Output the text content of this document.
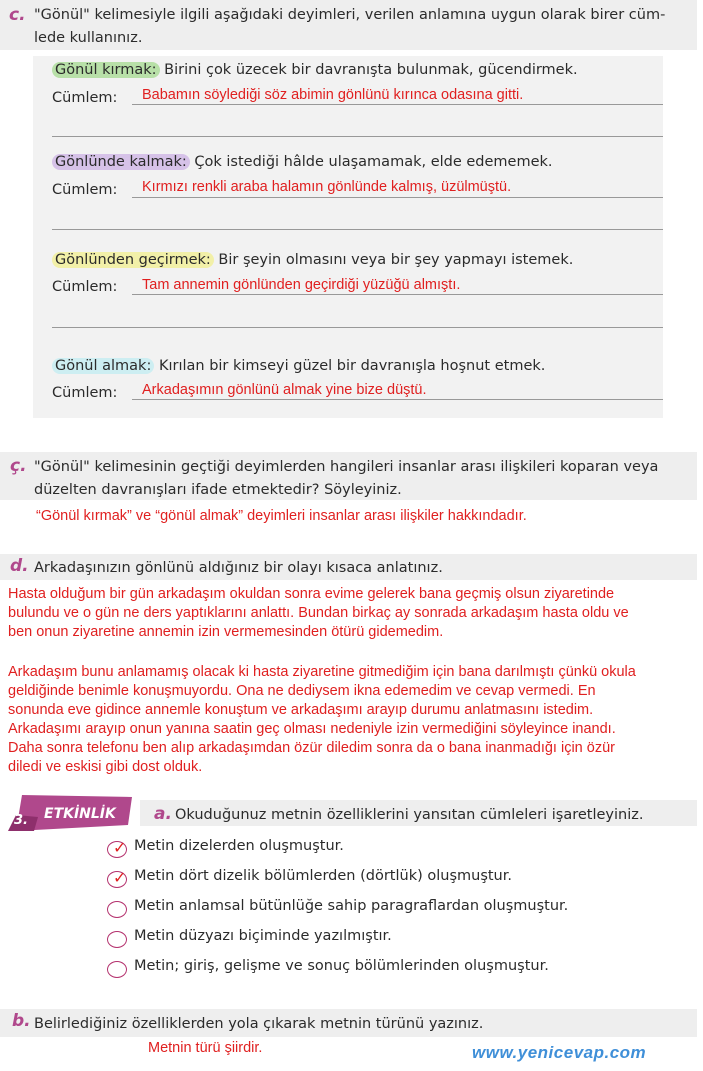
c. "Gönül" kelimesiyle ilgili aşağıdaki deyimleri, verilen anlamına uygun olarak birer cüm-
lede kullanınız.
Gönül kırmak: Birini çok üzecek bir davranışta bulunmak, gücendirmek.
Cümlem: Babamın söylediği söz abimin gönlünü kırınca odasına gitti.
Gönlünde kalmak: Çok istediği hâlde ulaşamamak, elde edememek.
Cümlem: Kırmızı renkli araba halamın gönlünde kalmış, üzülmüştü.
Gönlünden geçirmek: Bir şeyin olmasını veya bir şey yapmayı istemek.
Cümlem: Tam annemin gönlünden geçirdiği yüzüğü almıştı.
Gönül almak: Kırılan bir kimseyi güzel bir davranışla hoşnut etmek.
Cümlem: Arkadaşımın gönlünü almak yine bize düştü.
ç. "Gönül" kelimesinin geçtiği deyimlerden hangileri insanlar arası ilişkileri koparan veya
düzelten davranışları ifade etmektedir? Söyleyiniz.
“Gönül kırmak” ve “gönül almak” deyimleri insanlar arası ilişkiler hakkındadır.
d. Arkadaşınızın gönlünü aldığınız bir olayı kısaca anlatınız.
Hasta olduğum bir gün arkadaşım okuldan sonra evime gelerek bana geçmiş olsun ziyaretinde
bulundu ve o gün ne ders yaptıklarını anlattı. Bundan birkaç ay sonrada arkadaşım hasta oldu ve
ben onun ziyaretine annemin izin vermemesinden ötürü gidemedim.
Arkadaşım bunu anlamamış olacak ki hasta ziyaretine gitmediğim için bana darılmıştı çünkü okula
geldiğinde benimle konuşmuyordu. Ona ne dediysem ikna edemedim ve cevap vermedi. En
sonunda eve gidince annemle konuştum ve arkadaşımı arayıp durumu anlatmasını istedim.
Arkadaşımı arayıp onun yanına saatin geç olması nedeniyle izin vermediğini söyleyince inandı.
Daha sonra telefonu ben alıp arkadaşımdan özür diledim sonra da o bana inanmadığı için özür
diledi ve eskisi gibi dost olduk.
3. ETKİNLİK a. Okuduğunuz metnin özelliklerini yansıtan cümleleri işaretleyiniz.
✓ Metin dizelerden oluşmuştur.
✓ Metin dört dizelik bölümlerden (dörtlük) oluşmuştur.
Metin anlamsal bütünlüğe sahip paragraflardan oluşmuştur.
Metin düzyazı biçiminde yazılmıştır.
Metin; giriş, gelişme ve sonuç bölümlerinden oluşmuştur.
b. Belirlediğiniz özelliklerden yola çıkarak metnin türünü yazınız.
Metnin türü şiirdir.	www.yenicevap.com
